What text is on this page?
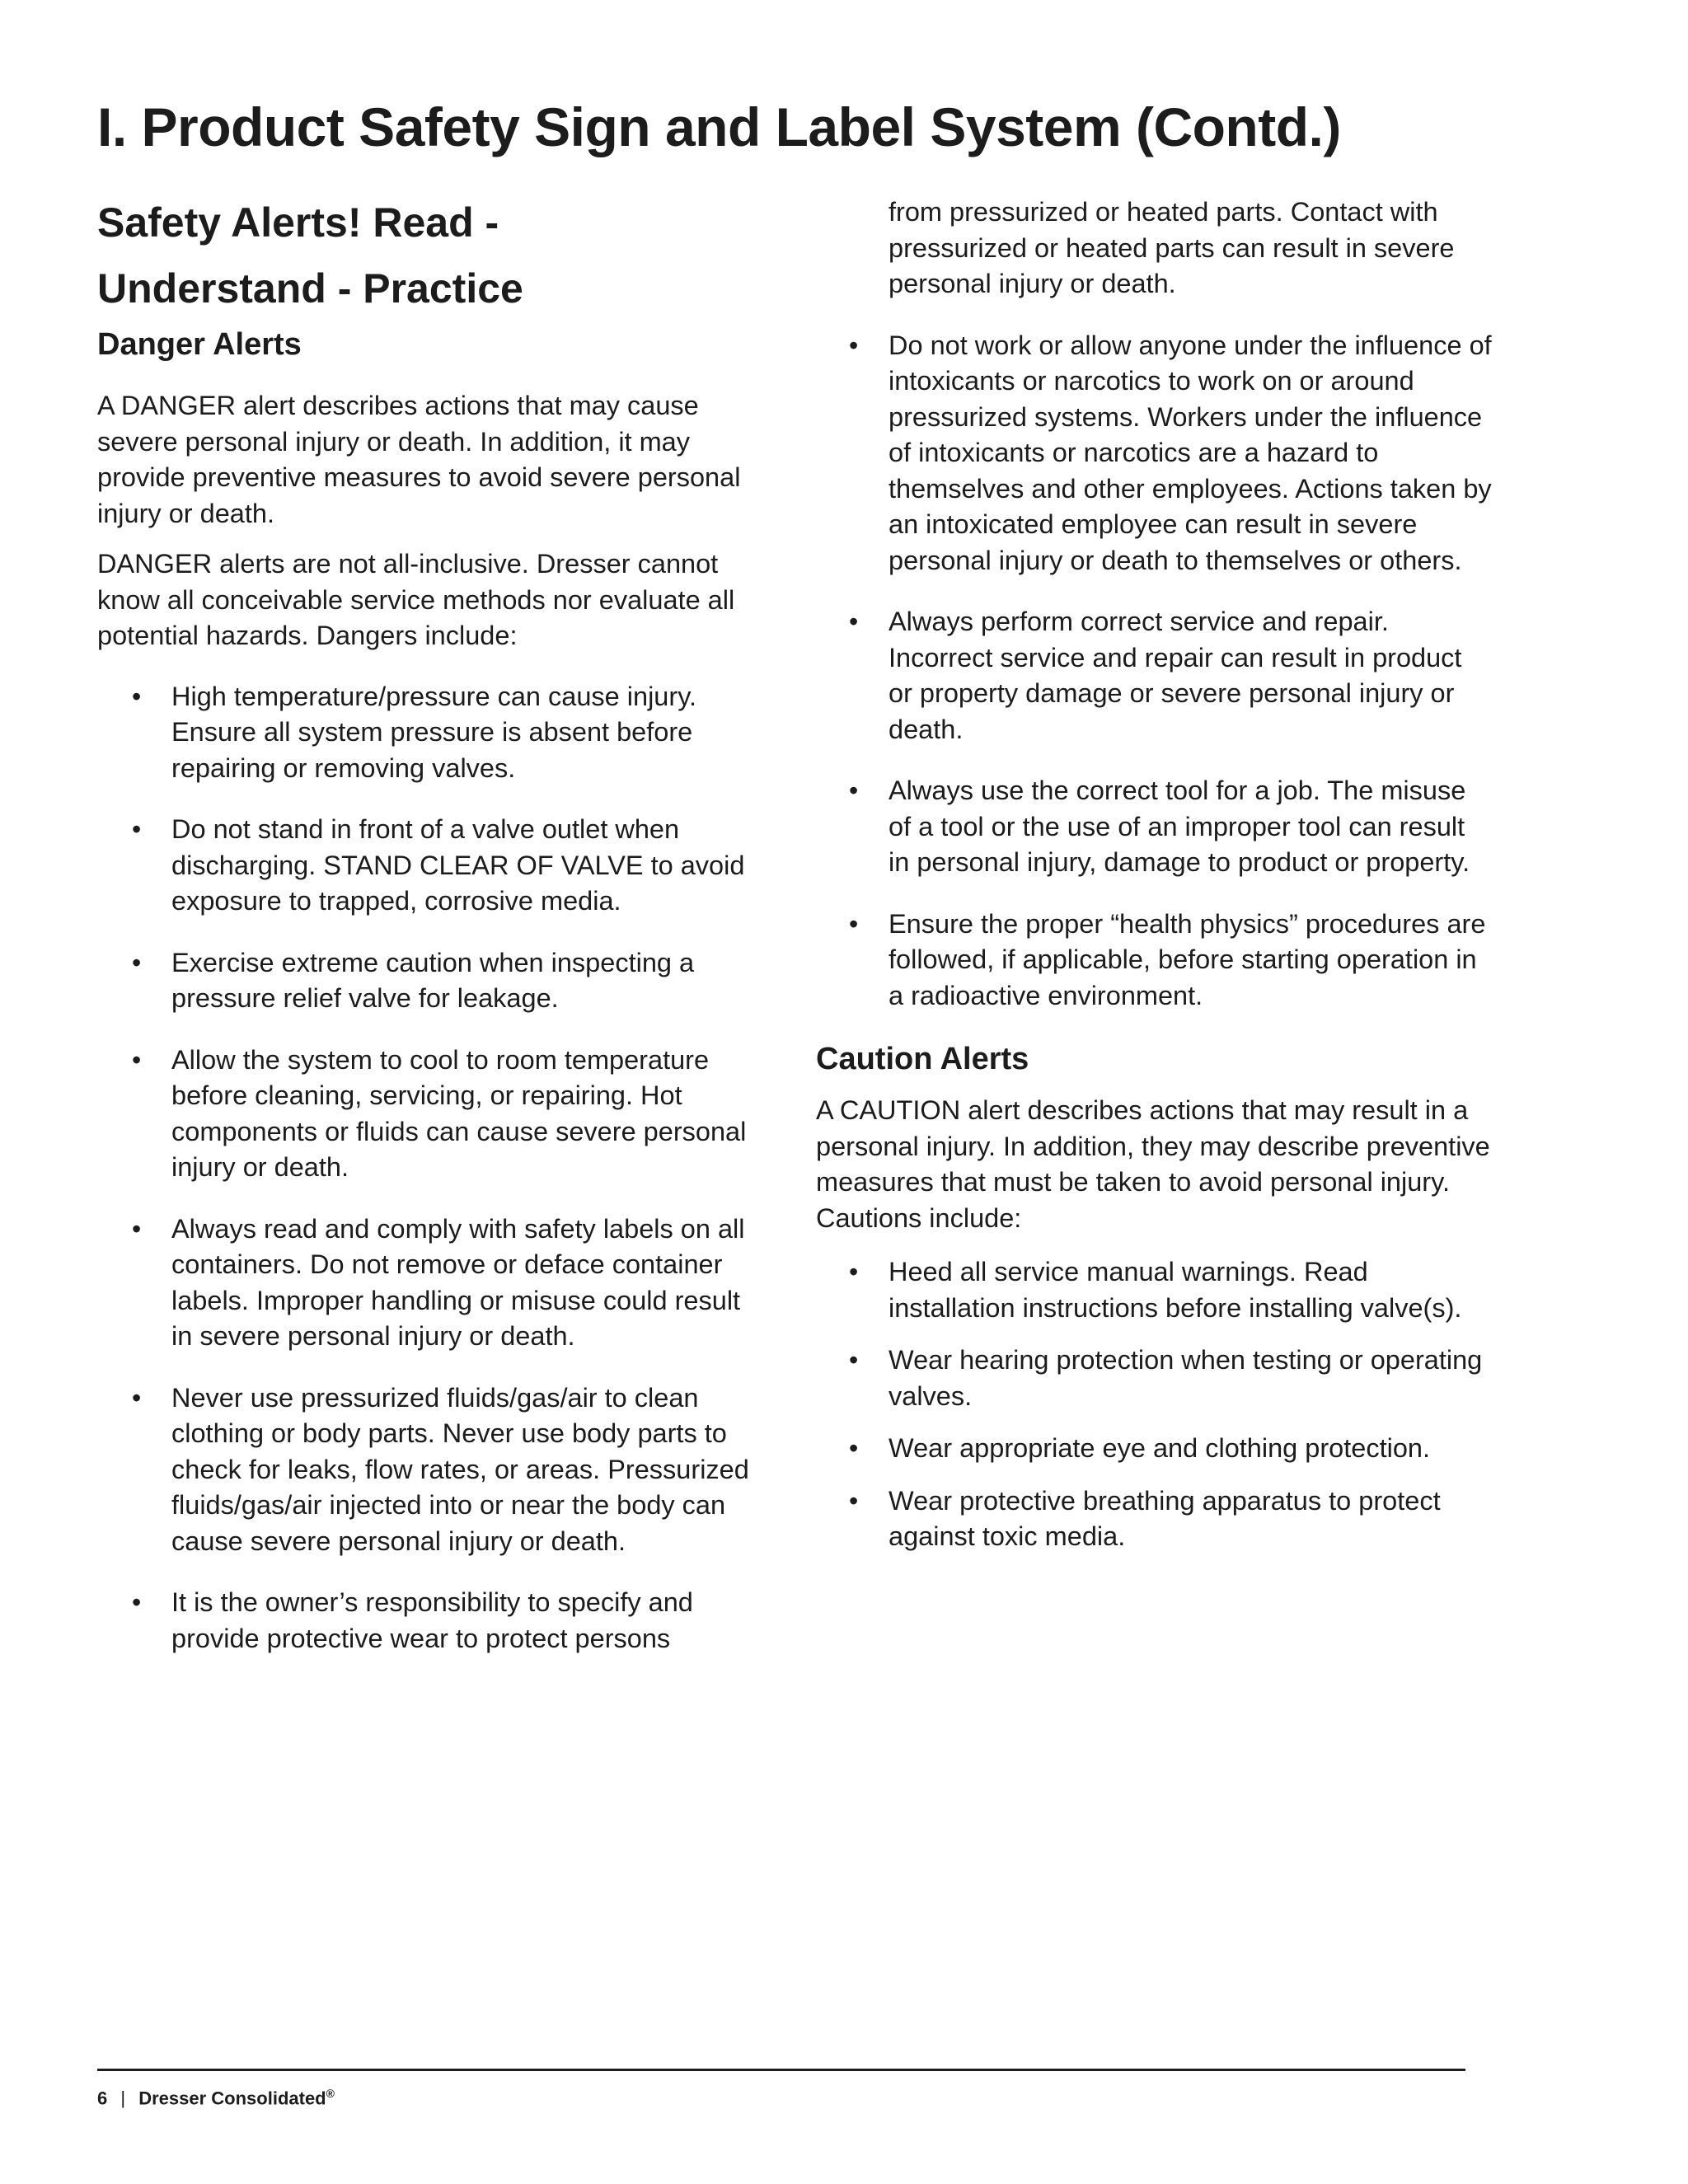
I. Product Safety Sign and Label System (Contd.)
Safety Alerts! Read -
Understand - Practice
Danger Alerts

A DANGER alert describes actions that may cause severe personal injury or death. In addition, it may provide preventive measures to avoid severe personal injury or death.

DANGER alerts are not all-inclusive. Dresser cannot know all conceivable service methods nor evaluate all potential hazards. Dangers include:

• High temperature/pressure can cause injury. Ensure all system pressure is absent before repairing or removing valves.
• Do not stand in front of a valve outlet when discharging. STAND CLEAR OF VALVE to avoid exposure to trapped, corrosive media.
• Exercise extreme caution when inspecting a pressure relief valve for leakage.
• Allow the system to cool to room temperature before cleaning, servicing, or repairing. Hot components or fluids can cause severe personal injury or death.
• Always read and comply with safety labels on all containers. Do not remove or deface container labels. Improper handling or misuse could result in severe personal injury or death.
• Never use pressurized fluids/gas/air to clean clothing or body parts. Never use body parts to check for leaks, flow rates, or areas. Pressurized fluids/gas/air injected into or near the body can cause severe personal injury or death.
• It is the owner’s responsibility to specify and provide protective wear to protect persons
from pressurized or heated parts. Contact with pressurized or heated parts can result in severe personal injury or death.
• Do not work or allow anyone under the influence of intoxicants or narcotics to work on or around pressurized systems. Workers under the influence of intoxicants or narcotics are a hazard to themselves and other employees. Actions taken by an intoxicated employee can result in severe personal injury or death to themselves or others.
• Always perform correct service and repair. Incorrect service and repair can result in product or property damage or severe personal injury or death.
• Always use the correct tool for a job. The misuse of a tool or the use of an improper tool can result in personal injury, damage to product or property.
• Ensure the proper “health physics” procedures are followed, if applicable, before starting operation in a radioactive environment.
Caution Alerts

A CAUTION alert describes actions that may result in a personal injury. In addition, they may describe preventive measures that must be taken to avoid personal injury. Cautions include:

• Heed all service manual warnings. Read installation instructions before installing valve(s).
• Wear hearing protection when testing or operating valves.
• Wear appropriate eye and clothing protection.
• Wear protective breathing apparatus to protect against toxic media.
6 | Dresser Consolidated®
